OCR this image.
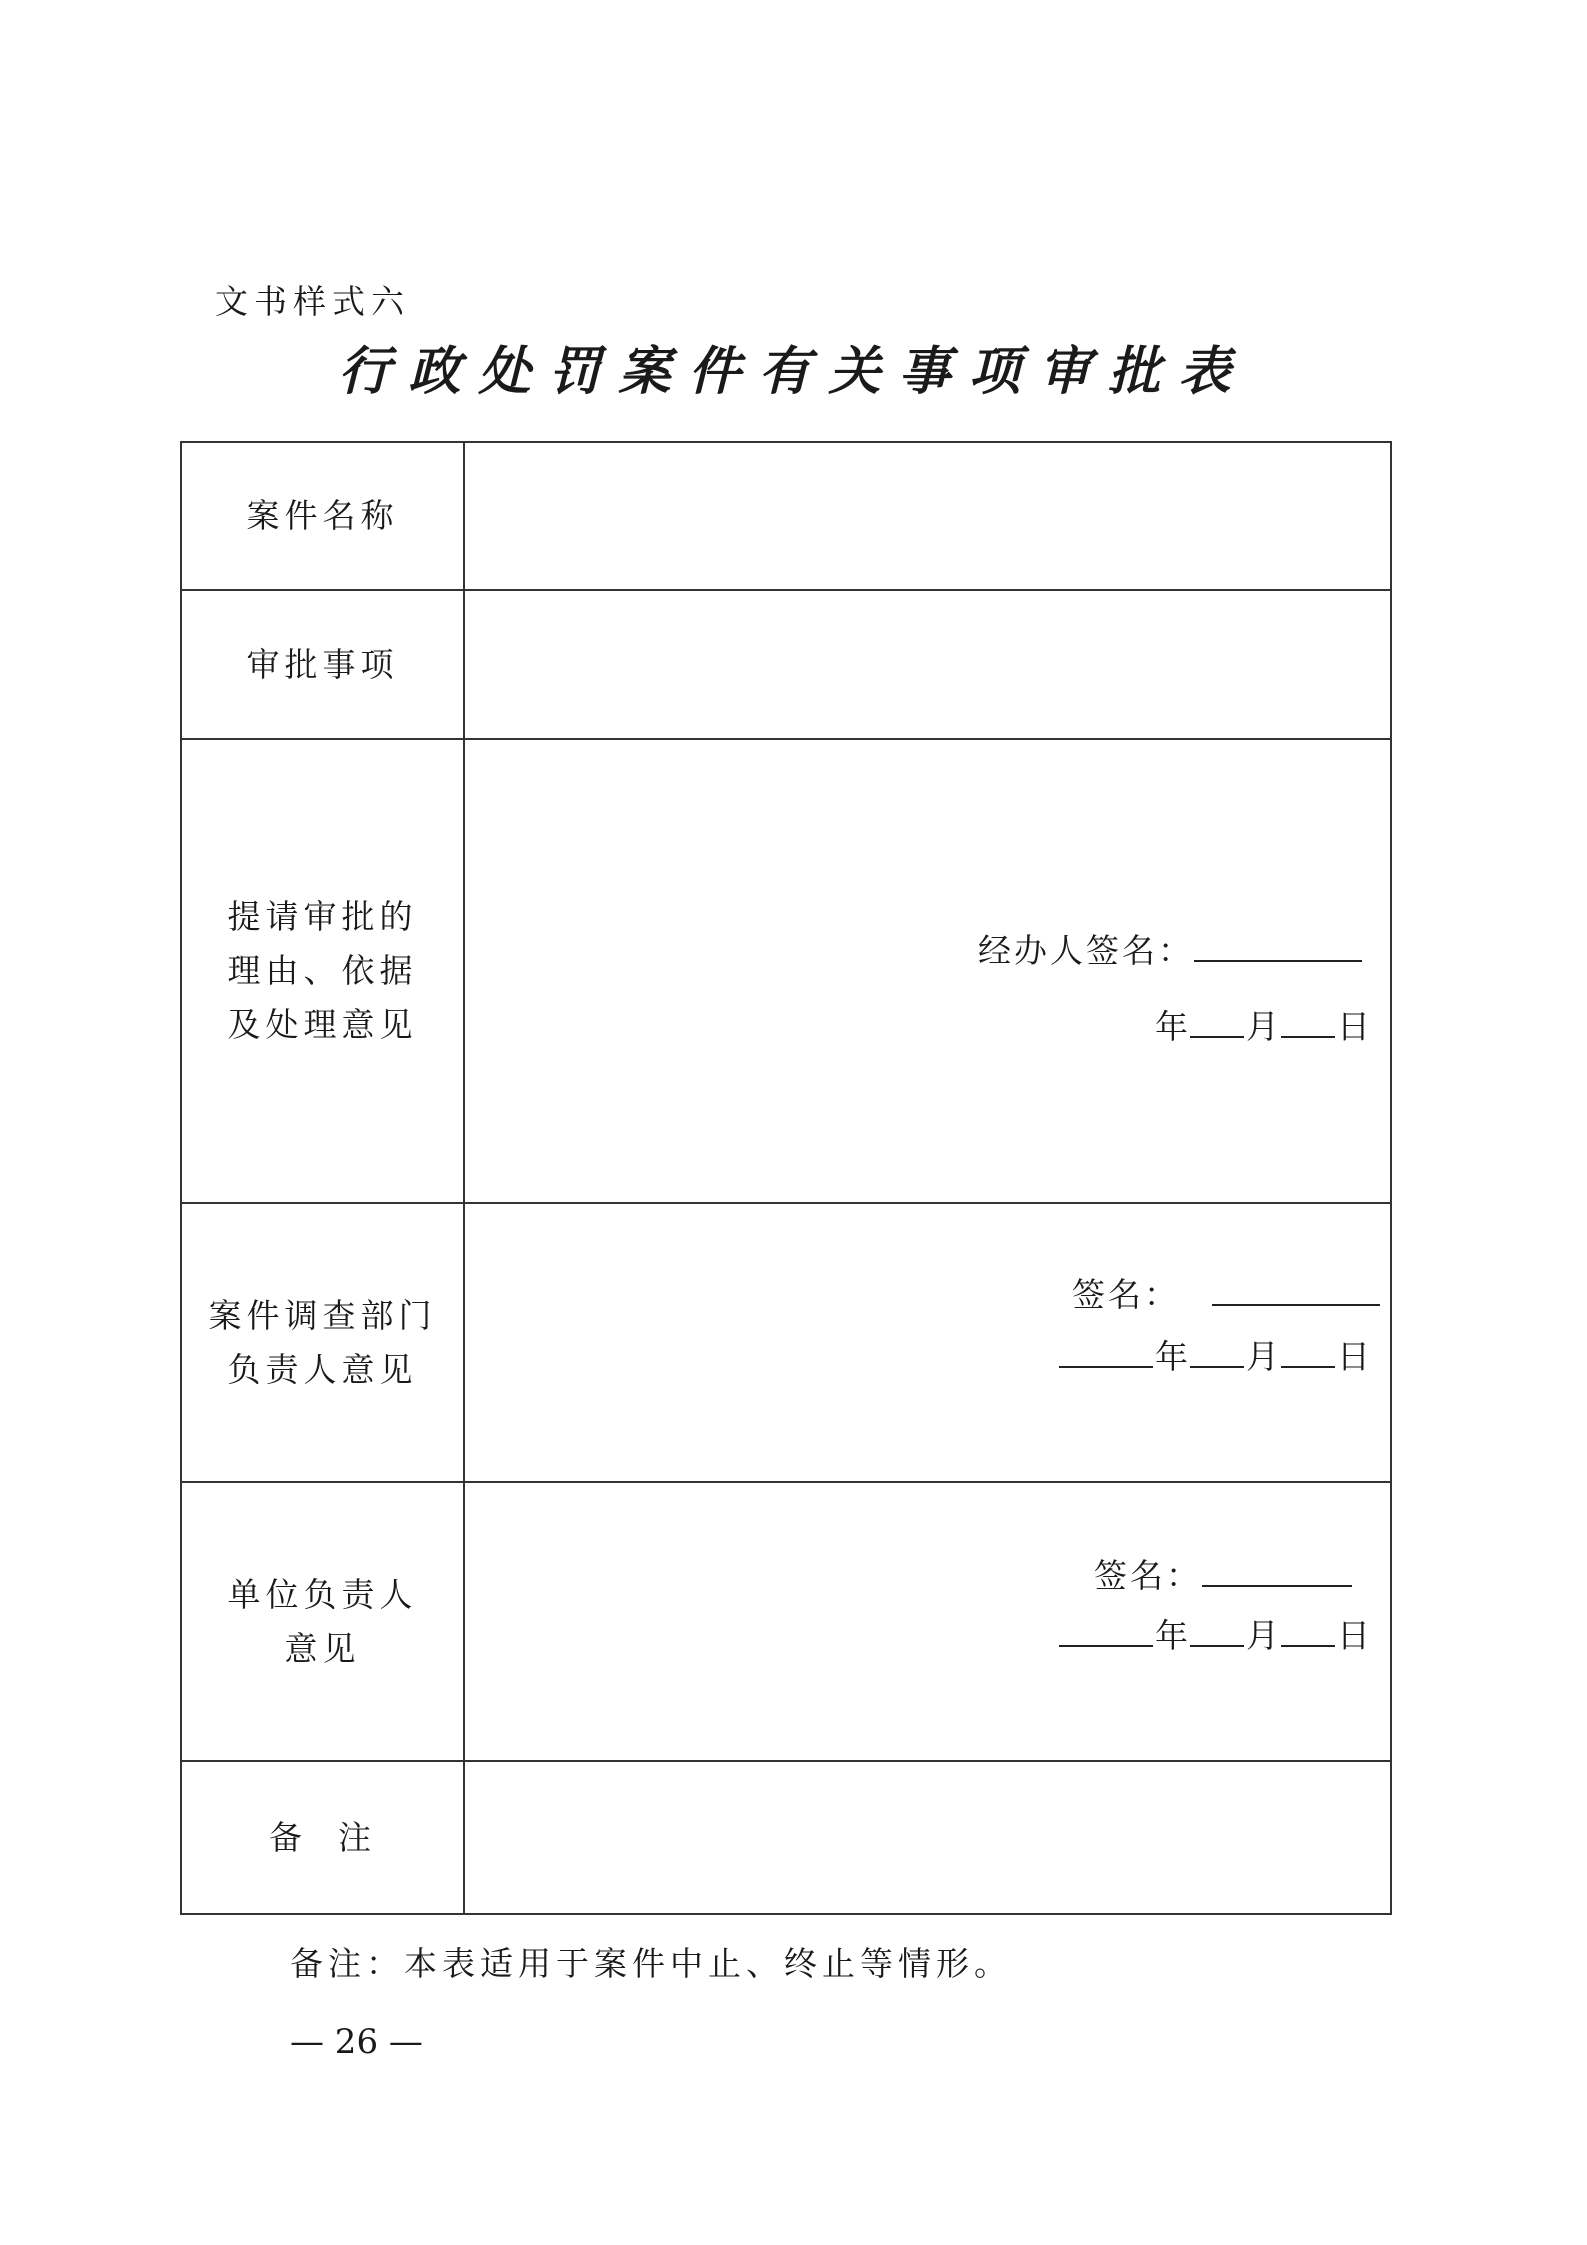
文书样式六
行政处罚案件有关事项审批表
案件名称
审批事项
提请审批的
理由、依据
及处理意见
经办人签名：
年 月 日
案件调查部门
负责人意见
签名：
年 月 日
单位负责人
意见
签名：
年 月 日
备  注
备注：本表适用于案件中止、终止等情形。
— 26 —
